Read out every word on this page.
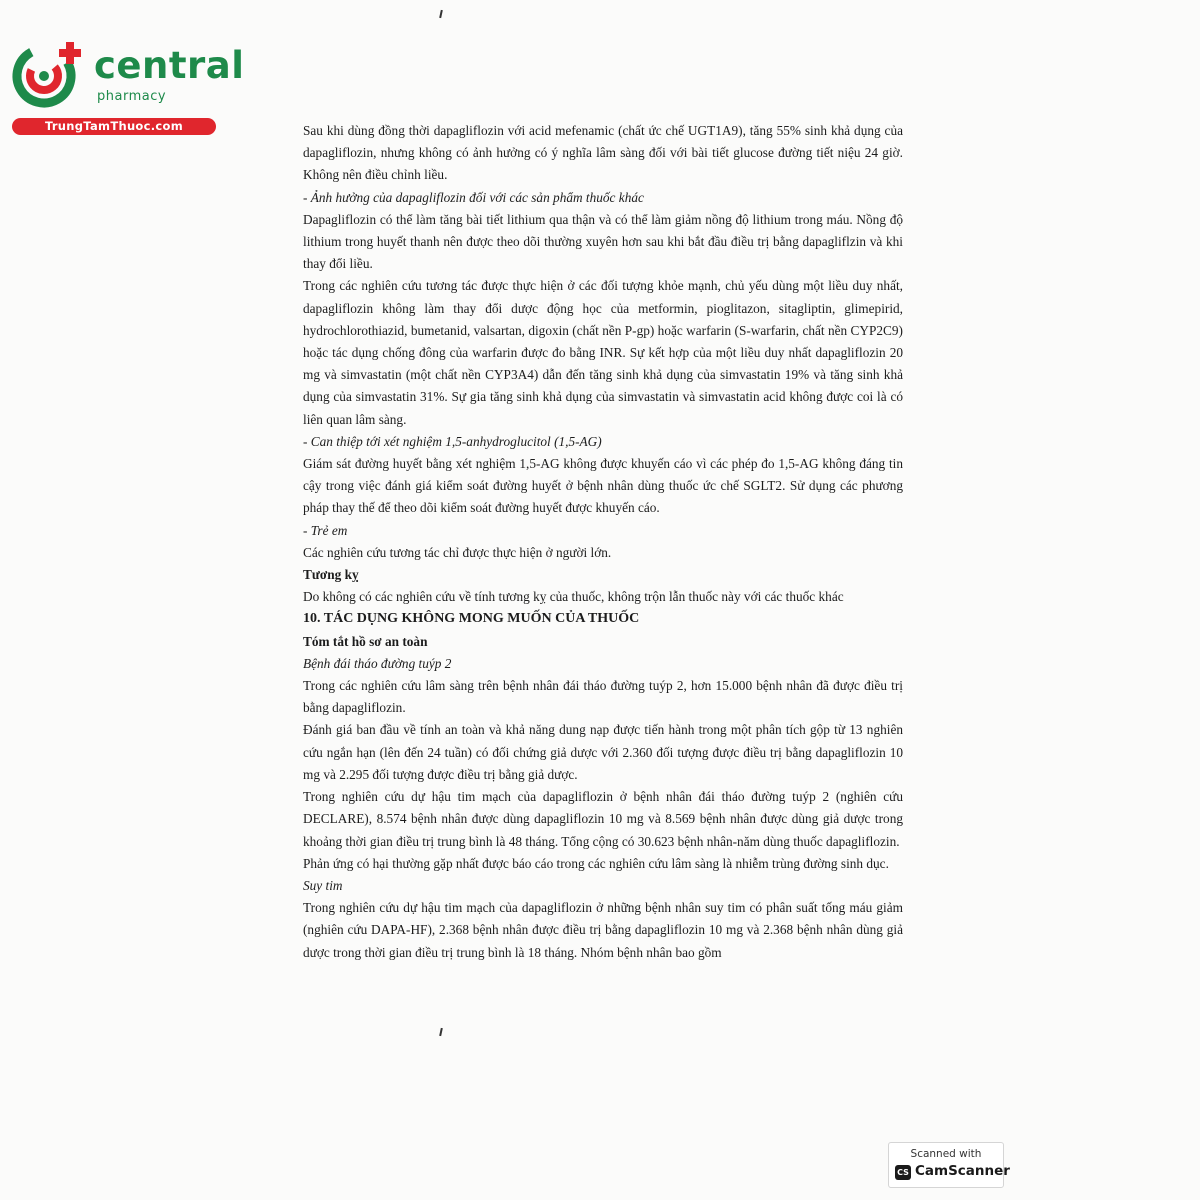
central
pharmacy
TrungTamThuoc.com	Sau khi dùng đồng thời dapagliflozin với acid mefenamic (chất ức chế UGT1A9), tăng 55% sinh khả dụng của dapagliflozin, nhưng không có ảnh hưởng có ý nghĩa lâm sàng đối với bài tiết glucose đường tiết niệu 24 giờ. Không nên điều chỉnh liều.

- Ảnh hưởng của dapagliflozin đối với các sản phẩm thuốc khác

Dapagliflozin có thể làm tăng bài tiết lithium qua thận và có thể làm giảm nồng độ lithium trong máu. Nồng độ lithium trong huyết thanh nên được theo dõi thường xuyên hơn sau khi bắt đầu điều trị bằng dapagliflzin và khi thay đổi liều.

Trong các nghiên cứu tương tác được thực hiện ở các đối tượng khỏe mạnh, chủ yếu dùng một liều duy nhất, dapagliflozin không làm thay đổi dược động học của metformin, pioglitazon, sitagliptin, glimepirid, hydrochlorothiazid, bumetanid, valsartan, digoxin (chất nền P-gp) hoặc warfarin (S-warfarin, chất nền CYP2C9) hoặc tác dụng chống đông của warfarin được đo bằng INR. Sự kết hợp của một liều duy nhất dapagliflozin 20 mg và simvastatin (một chất nền CYP3A4) dẫn đến tăng sinh khả dụng của simvastatin 19% và tăng sinh khả dụng của simvastatin 31%. Sự gia tăng sinh khả dụng của simvastatin và simvastatin acid không được coi là có liên quan lâm sàng.

- Can thiệp tới xét nghiệm 1,5-anhydroglucitol (1,5-AG)

Giám sát đường huyết bằng xét nghiệm 1,5-AG không được khuyến cáo vì các phép đo 1,5-AG không đáng tin cậy trong việc đánh giá kiểm soát đường huyết ở bệnh nhân dùng thuốc ức chế SGLT2. Sử dụng các phương pháp thay thế để theo dõi kiểm soát đường huyết được khuyến cáo.

- Trẻ em

Các nghiên cứu tương tác chỉ được thực hiện ở người lớn.

Tương kỵ

Do không có các nghiên cứu về tính tương kỵ của thuốc, không trộn lẫn thuốc này với các thuốc khác

10. TÁC DỤNG KHÔNG MONG MUỐN CỦA THUỐC

Tóm tắt hồ sơ an toàn

Bệnh đái tháo đường tuýp 2

Trong các nghiên cứu lâm sàng trên bệnh nhân đái tháo đường tuýp 2, hơn 15.000 bệnh nhân đã được điều trị bằng dapagliflozin.

Đánh giá ban đầu về tính an toàn và khả năng dung nạp được tiến hành trong một phân tích gộp từ 13 nghiên cứu ngắn hạn (lên đến 24 tuần) có đối chứng giả dược với 2.360 đối tượng được điều trị bằng dapagliflozin 10 mg và 2.295 đối tượng được điều trị bằng giả dược.

Trong nghiên cứu dự hậu tim mạch của dapagliflozin ở bệnh nhân đái tháo đường tuýp 2 (nghiên cứu DECLARE), 8.574 bệnh nhân được dùng dapagliflozin 10 mg và 8.569 bệnh nhân được dùng giả dược trong khoảng thời gian điều trị trung bình là 48 tháng. Tổng cộng có 30.623 bệnh nhân-năm dùng thuốc dapagliflozin.

Phản ứng có hại thường gặp nhất được báo cáo trong các nghiên cứu lâm sàng là nhiễm trùng đường sinh dục.

Suy tim

Trong nghiên cứu dự hậu tim mạch của dapagliflozin ở những bệnh nhân suy tim có phân suất tống máu giảm (nghiên cứu DAPA-HF), 2.368 bệnh nhân được điều trị bằng dapagliflozin 10 mg và 2.368 bệnh nhân dùng giả dược trong thời gian điều trị trung bình là 18 tháng. Nhóm bệnh nhân bao gồm

Scanned with
CS CamScanner
